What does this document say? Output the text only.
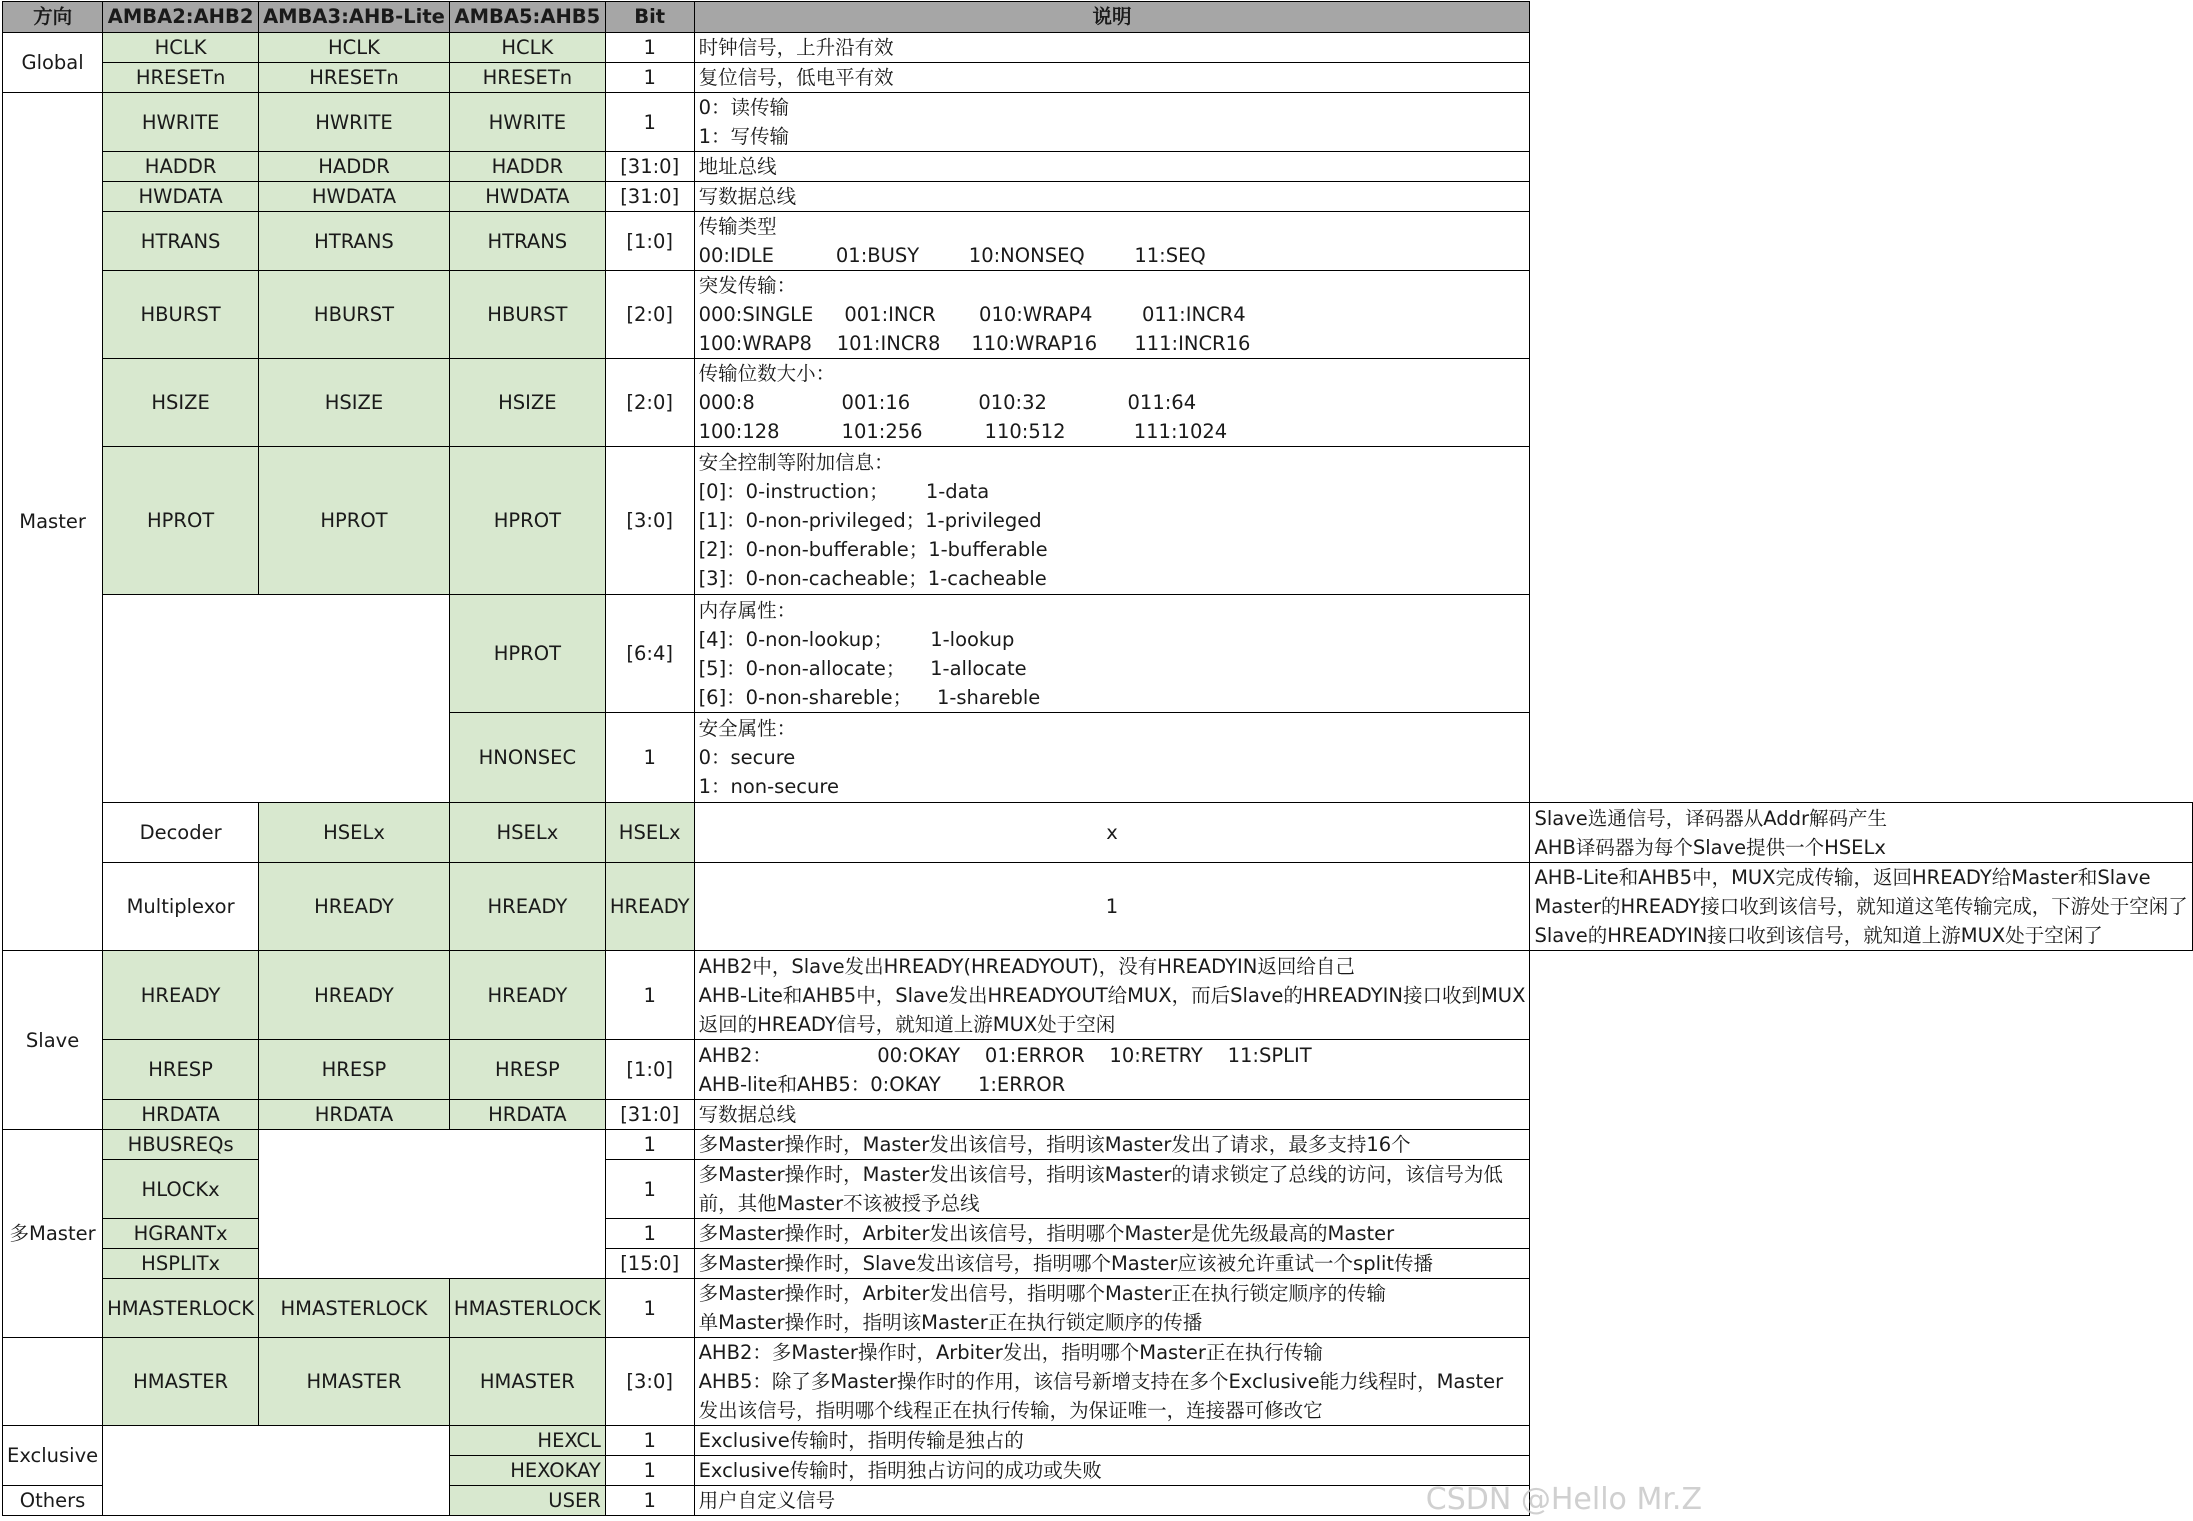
方向	AMBA2:AHB2	AMBA3:AHB-Lite	AMBA5:AHB5	Bit	说明	
Global	HCLK	HCLK	HCLK	1	时钟信号，上升沿有效	

	HRESETn	HRESETn	HRESETn	1	复位信号，低电平有效	

Master	HWRITE	HWRITE	HWRITE	1	0：读传输
1：写传输	

	HADDR	HADDR	HADDR	[31:0]	地址总线	

	HWDATA	HWDATA	HWDATA	[31:0]	写数据总线	

	HTRANS	HTRANS	HTRANS	[1:0]	传输类型
00:IDLE          01:BUSY        10:NONSEQ        11:SEQ	

	HBURST	HBURST	HBURST	[2:0]	突发传输：
000:SINGLE     001:INCR       010:WRAP4        011:INCR4
100:WRAP8    101:INCR8     110:WRAP16      111:INCR16	

	HSIZE	HSIZE	HSIZE	[2:0]	传输位数大小：
000:8              001:16           010:32             011:64
100:128          101:256          110:512           111:1024	

	HPROT	HPROT	HPROT	[3:0]	安全控制等附加信息：
[0]：0-instruction；      1-data
[1]：0-non-privileged；1-privileged
[2]：0-non-bufferable；1-bufferable
[3]：0-non-cacheable；1-cacheable	

			HPROT	[6:4]	内存属性：
[4]：0-non-lookup；      1-lookup
[5]：0-non-allocate；    1-allocate
[6]：0-non-shareble；    1-shareble	

			HNONSEC	1	安全属性：
0：secure
1：non-secure	

	Decoder	HSELx	HSELx	HSELx	x	Slave选通信号，译码器从Addr解码产生
AHB译码器为每个Slave提供一个HSELx

	Multiplexor	HREADY	HREADY	HREADY	1	AHB-Lite和AHB5中，MUX完成传输，返回HREADY给Master和Slave
Master的HREADY接口收到该信号，就知道这笔传输完成，下游处于空闲了
Slave的HREADYIN接口收到该信号，就知道上游MUX处于空闲了

Slave	HREADY	HREADY	HREADY	1	AHB2中，Slave发出HREADY(HREADYOUT)，没有HREADYIN返回给自己
AHB-Lite和AHB5中，Slave发出HREADYOUT给MUX，而后Slave的HREADYIN接口收到MUX
返回的HREADY信号，就知道上游MUX处于空闲	

	HRESP	HRESP	HRESP	[1:0]	AHB2：                 00:OKAY    01:ERROR    10:RETRY    11:SPLIT
AHB-lite和AHB5：0:OKAY      1:ERROR	

	HRDATA	HRDATA	HRDATA	[31:0]	写数据总线	

多Master	HBUSREQs			1	多Master操作时，Master发出该信号，指明该Master发出了请求，最多支持16个	

	HLOCKx			1	多Master操作时，Master发出该信号，指明该Master的请求锁定了总线的访问，该信号为低
前，其他Master不该被授予总线	

	HGRANTx			1	多Master操作时，Arbiter发出该信号，指明哪个Master是优先级最高的Master	

	HSPLITx			[15:0]	多Master操作时，Slave发出该信号，指明哪个Master应该被允许重试一个split传播	

	HMASTERLOCK	HMASTERLOCK	HMASTERLOCK	1	多Master操作时，Arbiter发出信号，指明哪个Master正在执行锁定顺序的传输
单Master操作时，指明该Master正在执行锁定顺序的传播	

	HMASTER	HMASTER	HMASTER	[3:0]	AHB2：多Master操作时，Arbiter发出，指明哪个Master正在执行传输
AHB5：除了多Master操作时的作用，该信号新增支持在多个Exclusive能力线程时，Master
发出该信号，指明哪个线程正在执行传输，为保证唯一，连接器可修改它	

Exclusive			HEXCL	1	Exclusive传输时，指明传输是独占的	

			HEXOKAY	1	Exclusive传输时，指明独占访问的成功或失败	

Others			USER	1	用户自定义信号		CSDN @Hello Mr.Z
